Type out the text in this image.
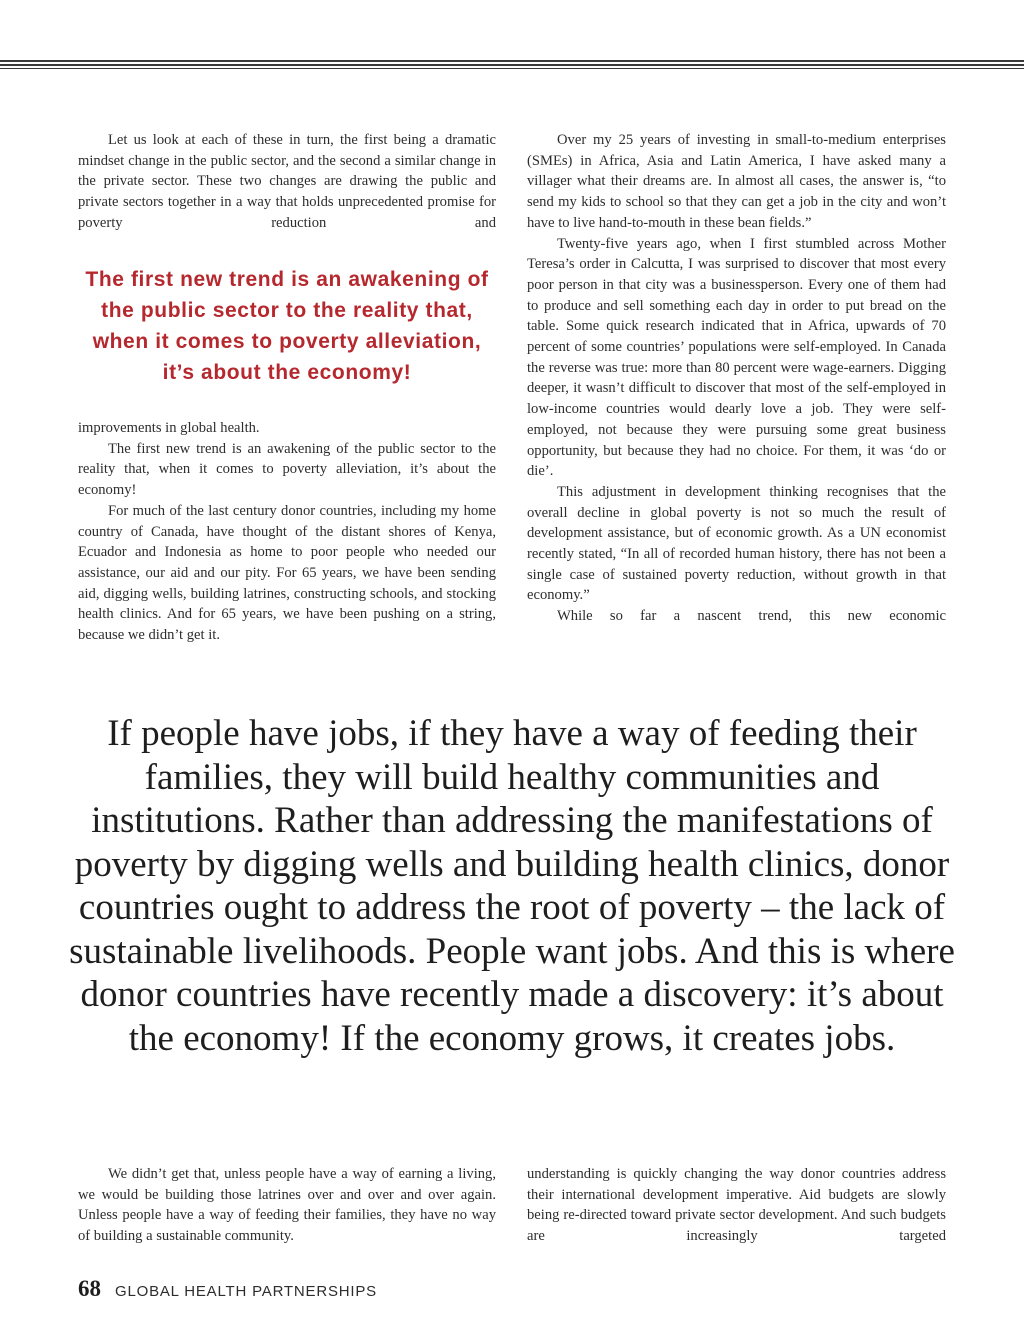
Let us look at each of these in turn, the first being a dramatic mindset change in the public sector, and the second a similar change in the private sector. These two changes are drawing the public and private sectors together in a way that holds unprecedented promise for poverty reduction and

The first new trend is an awakening of the public sector to the reality that, when it comes to poverty alleviation, it’s about the economy!

improvements in global health.

The first new trend is an awakening of the public sector to the reality that, when it comes to poverty alleviation, it’s about the economy!

For much of the last century donor countries, including my home country of Canada, have thought of the distant shores of Kenya, Ecuador and Indonesia as home to poor people who needed our assistance, our aid and our pity. For 65 years, we have been sending aid, digging wells, building latrines, constructing schools, and stocking health clinics. And for 65 years, we have been pushing on a string, because we didn’t get it.

Over my 25 years of investing in small-to-medium enterprises (SMEs) in Africa, Asia and Latin America, I have asked many a villager what their dreams are. In almost all cases, the answer is, “to send my kids to school so that they can get a job in the city and won’t have to live hand-to-mouth in these bean fields.”

Twenty-five years ago, when I first stumbled across Mother Teresa’s order in Calcutta, I was surprised to discover that most every poor person in that city was a businessperson. Every one of them had to produce and sell something each day in order to put bread on the table. Some quick research indicated that in Africa, upwards of 70 percent of some countries’ populations were self-employed. In Canada the reverse was true: more than 80 percent were wage-earners. Digging deeper, it wasn’t difficult to discover that most of the self-employed in low-income countries would dearly love a job. They were self-employed, not because they were pursuing some great business opportunity, but because they had no choice. For them, it was ‘do or die’.

This adjustment in development thinking recognises that the overall decline in global poverty is not so much the result of development assistance, but of economic growth. As a UN economist recently stated, “In all of recorded human history, there has not been a single case of sustained poverty reduction, without growth in that economy.”

While so far a nascent trend, this new economic

If people have jobs, if they have a way of feeding their families, they will build healthy communities and institutions. Rather than addressing the manifestations of poverty by digging wells and building health clinics, donor countries ought to address the root of poverty – the lack of sustainable livelihoods. People want jobs. And this is where donor countries have recently made a discovery: it’s about the economy! If the economy grows, it creates jobs.

We didn’t get that, unless people have a way of earning a living, we would be building those latrines over and over and over again. Unless people have a way of feeding their families, they have no way of building a sustainable community.

understanding is quickly changing the way donor countries address their international development imperative. Aid budgets are slowly being re-directed toward private sector development. And such budgets are increasingly targeted

68 GLOBAL HEALTH PARTNERSHIPS
